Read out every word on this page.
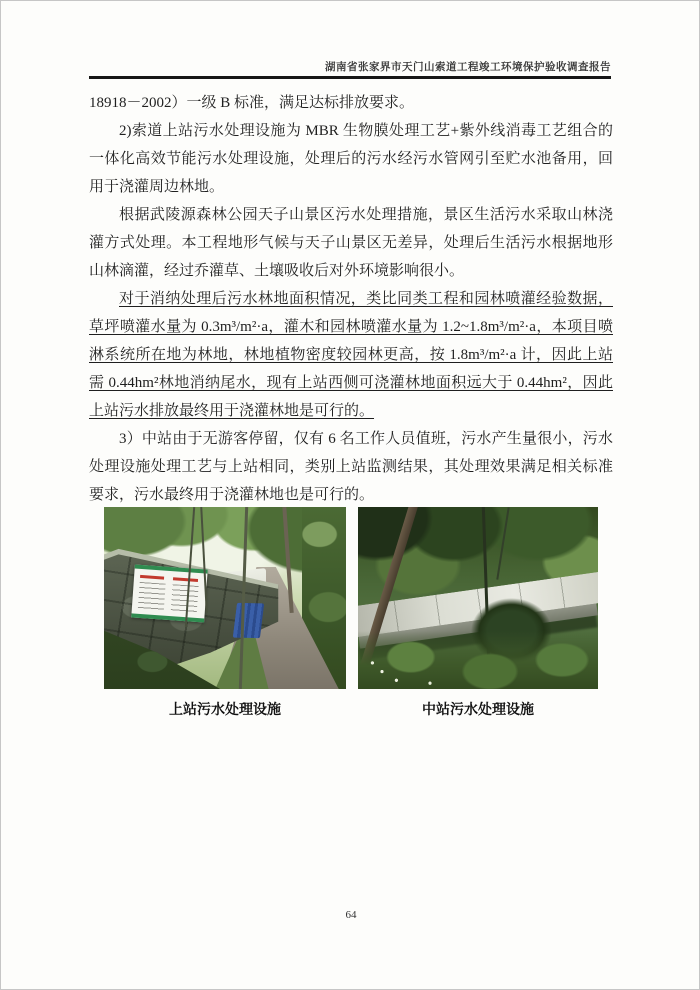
湖南省张家界市天门山索道工程竣工环境保护验收调查报告

18918－2002）一级 B 标准，满足达标排放要求。

2)索道上站污水处理设施为 MBR 生物膜处理工艺+紫外线消毒工艺组合的一体化高效节能污水处理设施，处理后的污水经污水管网引至贮水池备用，回用于浇灌周边林地。

根据武陵源森林公园天子山景区污水处理措施，景区生活污水采取山林浇灌方式处理。本工程地形气候与天子山景区无差异，处理后生活污水根据地形山林滴灌，经过乔灌草、土壤吸收后对外环境影响很小。

对于消纳处理后污水林地面积情况，类比同类工程和园林喷灌经验数据，草坪喷灌水量为 0.3m³/m²·a，灌木和园林喷灌水量为 1.2~1.8m³/m²·a，本项目喷淋系统所在地为林地，林地植物密度较园林更高，按 1.8m³/m²·a 计，因此上站需 0.44hm²林地消纳尾水，现有上站西侧可浇灌林地面积远大于 0.44hm²，因此上站污水排放最终用于浇灌林地是可行的。

3）中站由于无游客停留，仅有 6 名工作人员值班，污水产生量很小，污水处理设施处理工艺与上站相同，类别上站监测结果，其处理效果满足相关标准要求，污水最终用于浇灌林地也是可行的。

上站污水处理设施	中站污水处理设施
64
